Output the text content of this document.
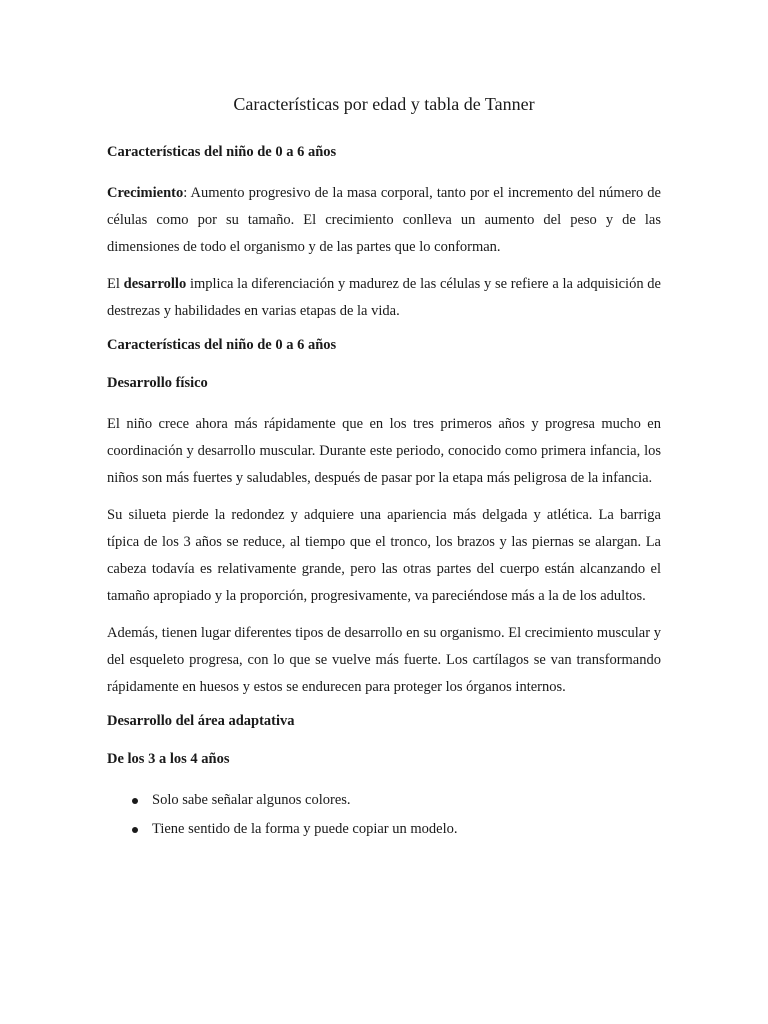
Características por edad y tabla de Tanner
Características del niño de 0 a 6 años

Crecimiento: Aumento progresivo de la masa corporal, tanto por el incremento del número de células como por su tamaño. El crecimiento conlleva un aumento del peso y de las dimensiones de todo el organismo y de las partes que lo conforman.

El desarrollo implica la diferenciación y madurez de las células y se refiere a la adquisición de destrezas y habilidades en varias etapas de la vida.

Características del niño de 0 a 6 años
Desarrollo físico

El niño crece ahora más rápidamente que en los tres primeros años y progresa mucho en coordinación y desarrollo muscular. Durante este periodo, conocido como primera infancia, los niños son más fuertes y saludables, después de pasar por la etapa más peligrosa de la infancia.

Su silueta pierde la redondez y adquiere una apariencia más delgada y atlética. La barriga típica de los 3 años se reduce, al tiempo que el tronco, los brazos y las piernas se alargan. La cabeza todavía es relativamente grande, pero las otras partes del cuerpo están alcanzando el tamaño apropiado y la proporción, progresivamente, va pareciéndose más a la de los adultos.

Además, tienen lugar diferentes tipos de desarrollo en su organismo. El crecimiento muscular y del esqueleto progresa, con lo que se vuelve más fuerte. Los cartílagos se van transformando rápidamente en huesos y estos se endurecen para proteger los órganos internos.

Desarrollo del área adaptativa
De los 3 a los 4 años
Solo sabe señalar algunos colores.
Tiene sentido de la forma y puede copiar un modelo.
